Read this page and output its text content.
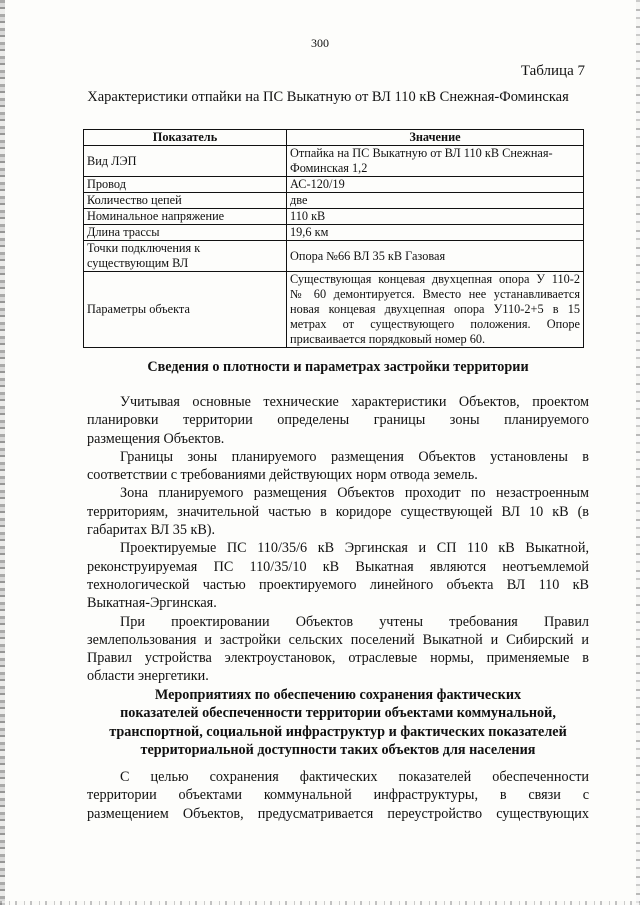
300
Таблица 7
Характеристики отпайки на ПС Выкатную от ВЛ 110 кВ Снежная-Фоминская
Показатель	Значение
Вид ЛЭП	Отпайка на ПС Выкатную от ВЛ 110 кВ Снежная-
Фоминская 1,2

Провод	АС-120/19
Количество цепей	две
Номинальное напряжение	110 кВ
Длина трассы	19,6 км

Точки подключения к
существующим ВЛ	Опора №66 ВЛ 35 кВ Газовая
Параметры объекта	Существующая концевая двухцепная опора У 110-2
№ 60 демонтируется. Вместо нее устанавливается
новая концевая двухцепная опора У110-2+5 в 15
метрах от существующего положения. Опоре
присваивается порядковый номер 60.
Сведения о плотности и параметрах застройки территории

Учитывая основные технические характеристики Объектов, проектом

планировки территории определены границы зоны планируемого

размещения Объектов.

Границы зоны планируемого размещения Объектов установлены в

соответствии с требованиями действующих норм отвода земель.

Зона планируемого размещения Объектов проходит по незастроенным

территориям, значительной частью в коридоре существующей ВЛ 10 кВ (в

габаритах ВЛ 35 кВ).

Проектируемые ПС 110/35/6 кВ Эргинская и СП 110 кВ Выкатной,

реконструируемая ПС 110/35/10 кВ Выкатная являются неотъемлемой

технологической частью проектируемого линейного объекта ВЛ 110 кВ

Выкатная-Эргинская.

При проектировании Объектов учтены требования Правил

землепользования и застройки сельских поселений Выкатной и Сибирский и

Правил устройства электроустановок, отраслевые нормы, применяемые в

области энергетики.

Мероприятиях по обеспечению сохранения фактических
показателей обеспеченности территории объектами коммунальной,
транспортной, социальной инфраструктур и фактических показателей
территориальной доступности таких объектов для населения

С целью сохранения фактических показателей обеспеченности

территории объектами коммунальной инфраструктуры, в связи с

размещением Объектов, предусматривается переустройство существующих
